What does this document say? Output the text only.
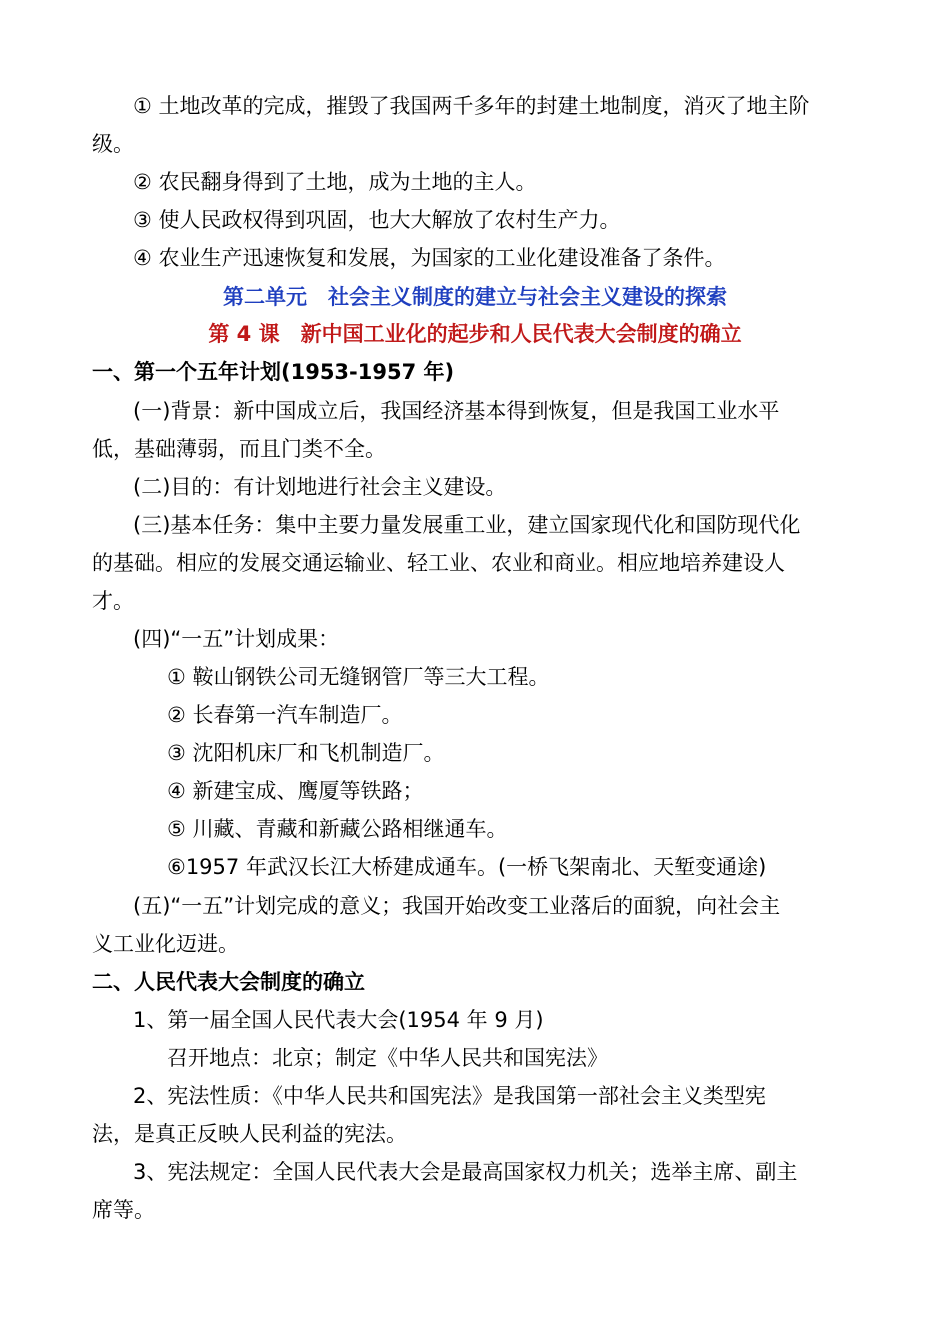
① 土地改革的完成，摧毁了我国两千多年的封建土地制度，消灭了地主阶
级。
② 农民翻身得到了土地，成为土地的主人。
③ 使人民政权得到巩固，也大大解放了农村生产力。
④ 农业生产迅速恢复和发展，为国家的工业化建设准备了条件。
第二单元　社会主义制度的建立与社会主义建设的探索
第 4 课　新中国工业化的起步和人民代表大会制度的确立
一、第一个五年计划(1953-1957 年)
(一)背景：新中国成立后，我国经济基本得到恢复，但是我国工业水平
低，基础薄弱，而且门类不全。
(二)目的：有计划地进行社会主义建设。
(三)基本任务：集中主要力量发展重工业，建立国家现代化和国防现代化
的基础。相应的发展交通运输业、轻工业、农业和商业。相应地培养建设人
才。
(四)“一五”计划成果：
① 鞍山钢铁公司无缝钢管厂等三大工程。
② 长春第一汽车制造厂。
③ 沈阳机床厂和飞机制造厂。
④ 新建宝成、鹰厦等铁路；
⑤ 川藏、青藏和新藏公路相继通车。
⑥1957 年武汉长江大桥建成通车。(一桥飞架南北、天堑变通途)
(五)“一五”计划完成的意义；我国开始改变工业落后的面貌，向社会主
义工业化迈进。
二、人民代表大会制度的确立
1、第一届全国人民代表大会(1954 年 9 月)
召开地点：北京；制定《中华人民共和国宪法》
2、宪法性质：《中华人民共和国宪法》是我国第一部社会主义类型宪
法，是真正反映人民利益的宪法。
3、宪法规定：全国人民代表大会是最高国家权力机关；选举主席、副主
席等。
